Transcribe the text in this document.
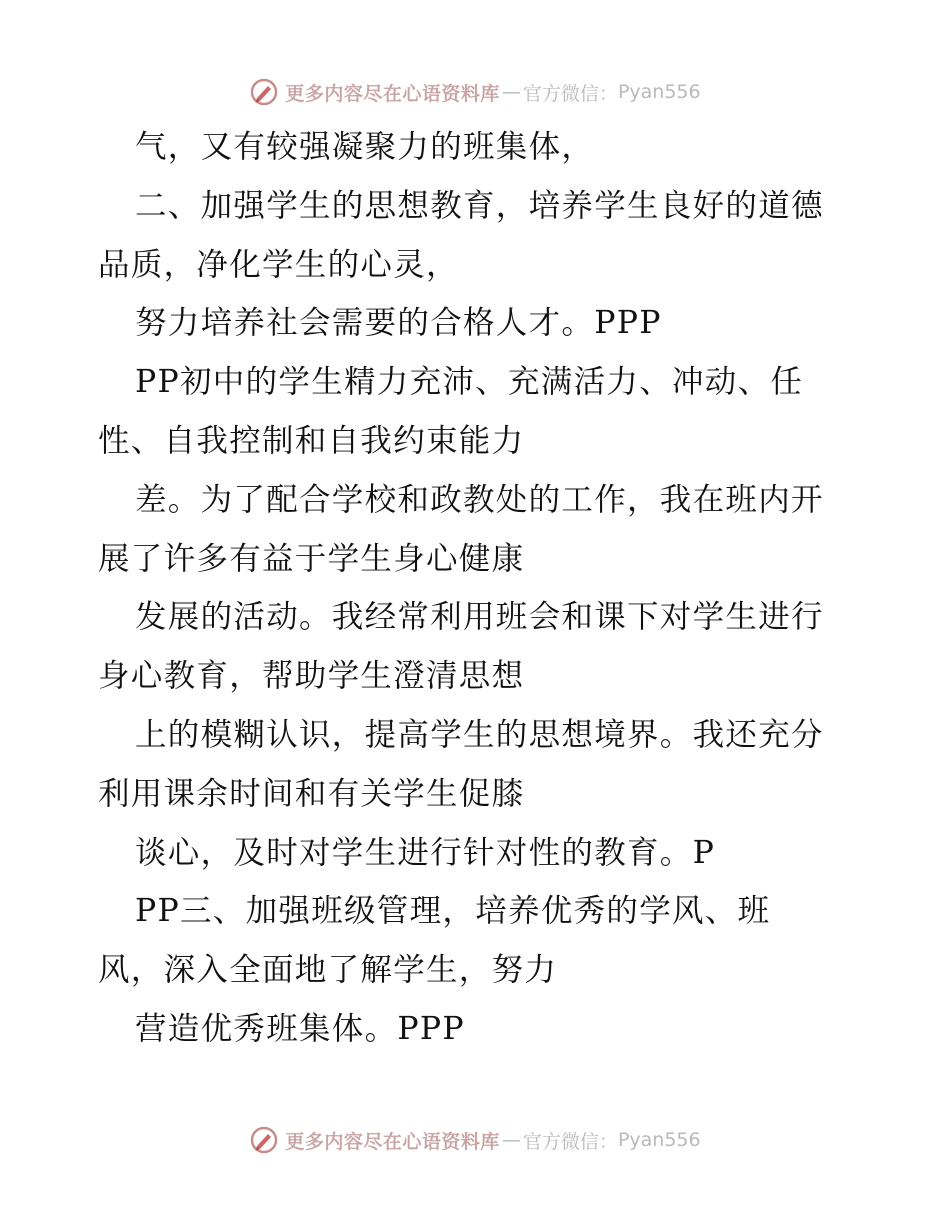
更多内容尽在心语资料库 — 官方微信： Pyan556
气，又有较强凝聚力的班集体，
二、加强学生的思想教育，培养学生良好的道德
品质，净化学生的心灵，
努力培养社会需要的合格人才。PPP
PP初中的学生精力充沛、充满活力、冲动、任
性、自我控制和自我约束能力
差。为了配合学校和政教处的工作，我在班内开
展了许多有益于学生身心健康
发展的活动。我经常利用班会和课下对学生进行
身心教育，帮助学生澄清思想
上的模糊认识，提高学生的思想境界。我还充分
利用课余时间和有关学生促膝
谈心，及时对学生进行针对性的教育。P
PP三、加强班级管理，培养优秀的学风、班
风，深入全面地了解学生，努力
营造优秀班集体。PPP
更多内容尽在心语资料库 — 官方微信： Pyan556
